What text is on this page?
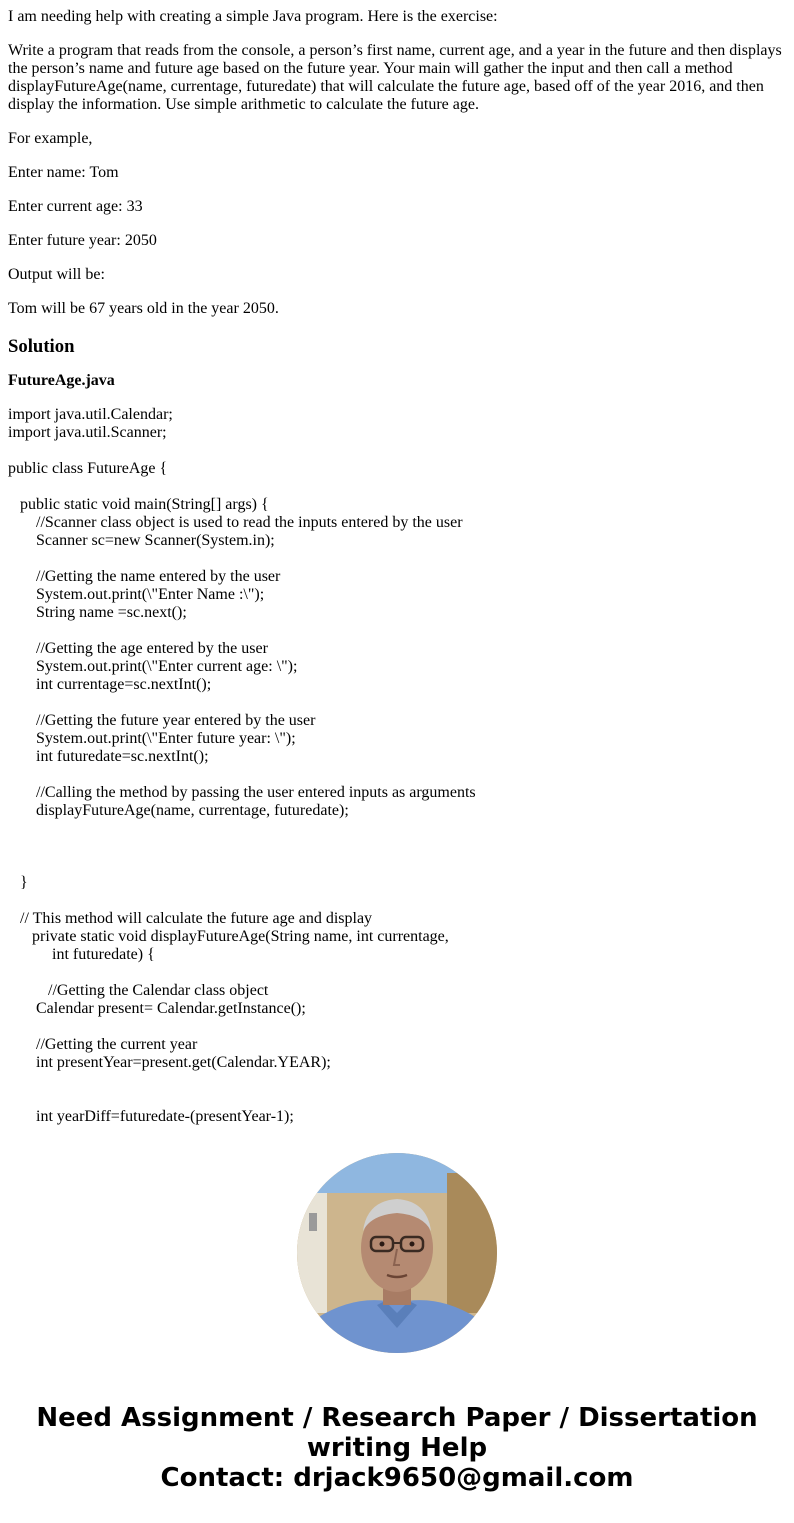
I am needing help with creating a simple Java program. Here is the exercise:

Write a program that reads from the console, a person’s first name, current age, and a year in the future and then displays the person’s name and future age based on the future year. Your main will gather the input and then call a method displayFutureAge(name, currentage, futuredate) that will calculate the future age, based off of the year 2016, and then display the information. Use simple arithmetic to calculate the future age.

For example,

Enter name: Tom

Enter current age: 33

Enter future year: 2050

Output will be:

Tom will be 67 years old in the year 2050.

Solution
FutureAge.java
import java.util.Calendar;
import java.util.Scanner;

public class FutureAge {

public static void main(String[] args) {
//Scanner class object is used to read the inputs entered by the user
Scanner sc=new Scanner(System.in);

//Getting the name entered by the user
System.out.print(\"Enter Name :\");
String name =sc.next();

//Getting the age entered by the user
System.out.print(\"Enter current age: \");
int currentage=sc.nextInt();

//Getting the future year entered by the user
System.out.print(\"Enter future year: \");
int futuredate=sc.nextInt();

//Calling the method by passing the user entered inputs as arguments
displayFutureAge(name, currentage, futuredate);

}

// This method will calculate the future age and display
private static void displayFutureAge(String name, int currentage,
int futuredate) {

//Getting the Calendar class object
Calendar present= Calendar.getInstance();

//Getting the current year
int presentYear=present.get(Calendar.YEAR);

int yearDiff=futuredate-(presentYear-1);
Need Assignment / Research Paper / Dissertation
writing Help
Contact: drjack9650@gmail.com
